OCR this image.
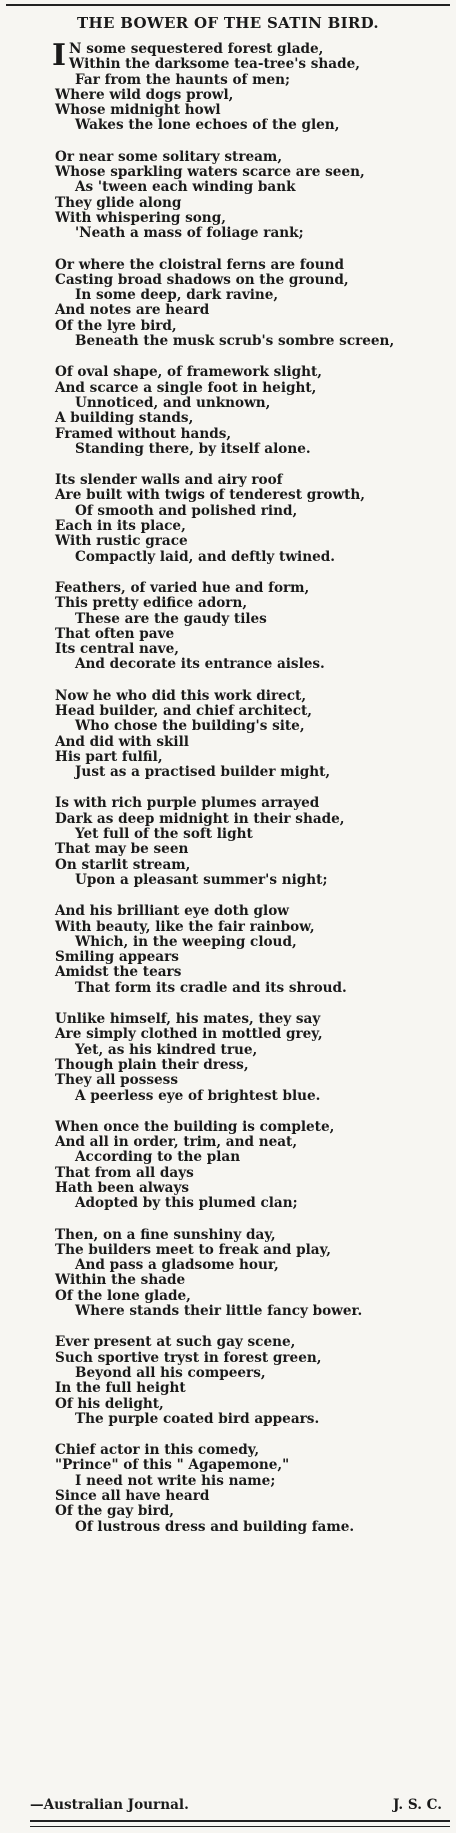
THE BOWER OF THE SATIN BIRD.
I N some sequestered forest glade,
Within the darksome tea-tree's shade,
Far from the haunts of men;
Where wild dogs prowl,
Whose midnight howl
Wakes the lone echoes of the glen,
Or near some solitary stream,
Whose sparkling waters scarce are seen,
As 'tween each winding bank
They glide along
With whispering song,
'Neath a mass of foliage rank;
Or where the cloistral ferns are found
Casting broad shadows on the ground,
In some deep, dark ravine,
And notes are heard
Of the lyre bird,
Beneath the musk scrub's sombre screen,
Of oval shape, of framework slight,
And scarce a single foot in height,
Unnoticed, and unknown,
A building stands,
Framed without hands,
Standing there, by itself alone.
Its slender walls and airy roof
Are built with twigs of tenderest growth,
Of smooth and polished rind,
Each in its place,
With rustic grace
Compactly laid, and deftly twined.
Feathers, of varied hue and form,
This pretty edifice adorn,
These are the gaudy tiles
That often pave
Its central nave,
And decorate its entrance aisles.
Now he who did this work direct,
Head builder, and chief architect,
Who chose the building's site,
And did with skill
His part fulfil,
Just as a practised builder might,
Is with rich purple plumes arrayed
Dark as deep midnight in their shade,
Yet full of the soft light
That may be seen
On starlit stream,
Upon a pleasant summer's night;
And his brilliant eye doth glow
With beauty, like the fair rainbow,
Which, in the weeping cloud,
Smiling appears
Amidst the tears
That form its cradle and its shroud.
Unlike himself, his mates, they say
Are simply clothed in mottled grey,
Yet, as his kindred true,
Though plain their dress,
They all possess
A peerless eye of brightest blue.
When once the building is complete,
And all in order, trim, and neat,
According to the plan
That from all days
Hath been always
Adopted by this plumed clan;
Then, on a fine sunshiny day,
The builders meet to freak and play,
And pass a gladsome hour,
Within the shade
Of the lone glade,
Where stands their little fancy bower.
Ever present at such gay scene,
Such sportive tryst in forest green,
Beyond all his compeers,
In the full height
Of his delight,
The purple coated bird appears.
Chief actor in this comedy,
"Prince" of this " Agapemone,"
I need not write his name;
Since all have heard
Of the gay bird,
Of lustrous dress and building fame.
—Australian Journal.	J. S. C.
